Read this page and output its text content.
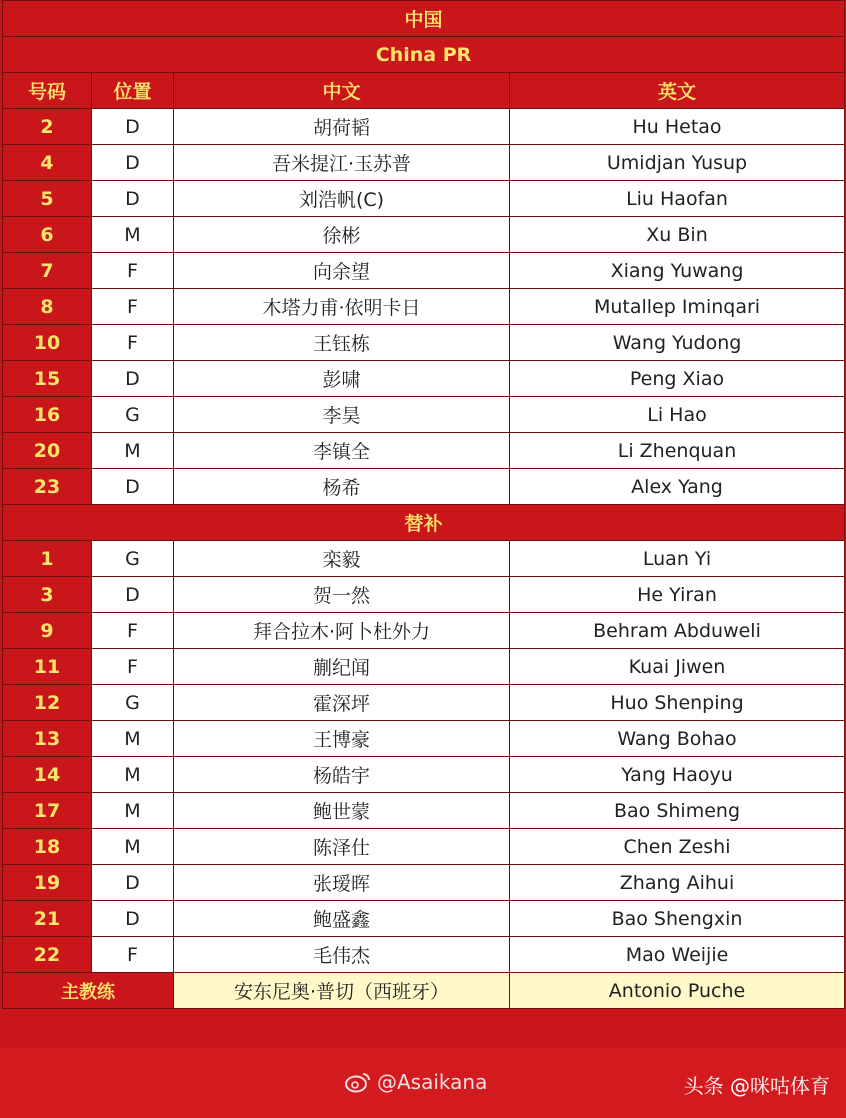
中国			
China PR			
号码	位置	中文	英文
2	D	胡荷韬	Hu Hetao
4	D	吾米提江·玉苏普	Umidjan Yusup
5	D	刘浩帆(C)	Liu Haofan
6	M	徐彬	Xu Bin
7	F	向余望	Xiang Yuwang
8	F	木塔力甫·依明卡日	Mutallep Iminqari
10	F	王钰栋	Wang Yudong
15	D	彭啸	Peng Xiao
16	G	李昊	Li Hao
20	M	李镇全	Li Zhenquan
23	D	杨希	Alex Yang
替补			
1	G	栾毅	Luan Yi
3	D	贺一然	He Yiran
9	F	拜合拉木·阿卜杜外力	Behram Abduweli
11	F	蒯纪闻	Kuai Jiwen
12	G	霍深坪	Huo Shenping
13	M	王博豪	Wang Bohao
14	M	杨皓宇	Yang Haoyu
17	M	鲍世蒙	Bao Shimeng
18	M	陈泽仕	Chen Zeshi
19	D	张瑷晖	Zhang Aihui
21	D	鲍盛鑫	Bao Shengxin
22	F	毛伟杰	Mao Weijie
主教练		安东尼奥·普切（西班牙）	Antonio Puche
@Asaikana	头条 @咪咕体育
